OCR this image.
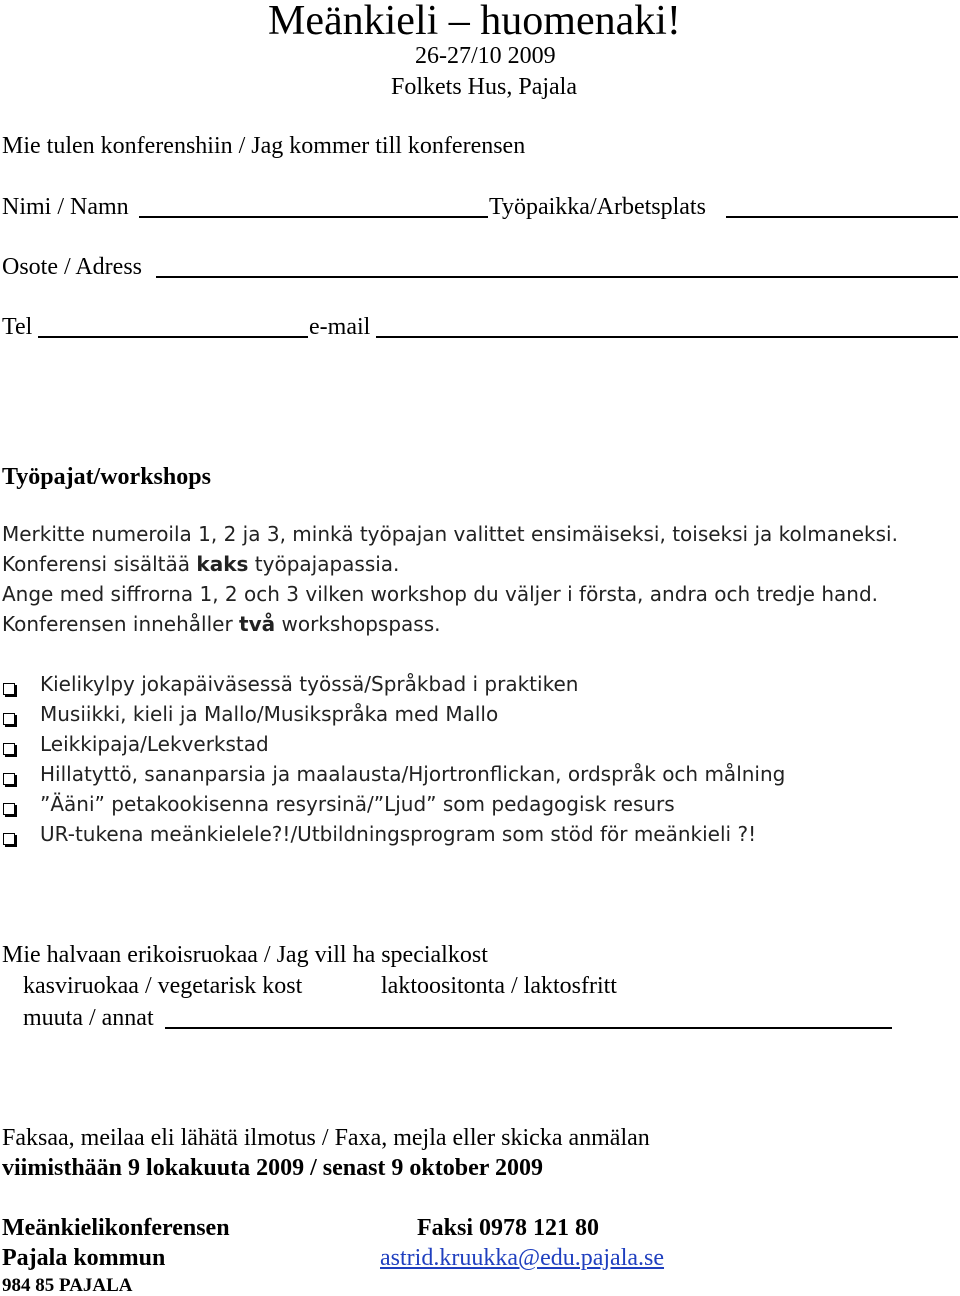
Meänkieli – huomenaki!
26-27/10 2009
Folkets Hus, Pajala
Mie tulen konferenshiin / Jag kommer till konferensen
Nimi / Namn	Työpaikka/Arbetsplats
Osote / Adress
Tel	e-mail
Työpajat/workshops
Merkitte numeroila 1, 2 ja 3, minkä työpajan valittet ensimäiseksi, toiseksi ja kolmaneksi.
Konferensi sisältää kaks työpajapassia.
Ange med siffrorna 1, 2 och 3 vilken workshop du väljer i första, andra och tredje hand.
Konferensen innehåller två workshopspass.
Kielikylpy jokapäiväsessä työssä/Språkbad i praktiken
Musiikki, kieli ja Mallo/Musikspråka med Mallo
Leikkipaja/Lekverkstad
Hillatyttö, sananparsia ja maalausta/Hjortronflickan, ordspråk och målning
”Ääni” petakookisenna resyrsinä/”Ljud” som pedagogisk resurs
UR-tukena meänkielele?!/Utbildningsprogram som stöd för meänkieli ?!
Mie halvaan erikoisruokaa / Jag vill ha specialkost
kasviruokaa / vegetarisk kost	laktoositonta / laktosfritt
muuta / annat
Faksaa, meilaa eli lähätä ilmotus / Faxa, mejla eller skicka anmälan
viimisthään 9 lokakuuta 2009 / senast 9 oktober 2009
Meänkielikonferensen	Faksi 0978 121 80
Pajala kommun	astrid.kruukka@edu.pajala.se
984 85 PAJALA
